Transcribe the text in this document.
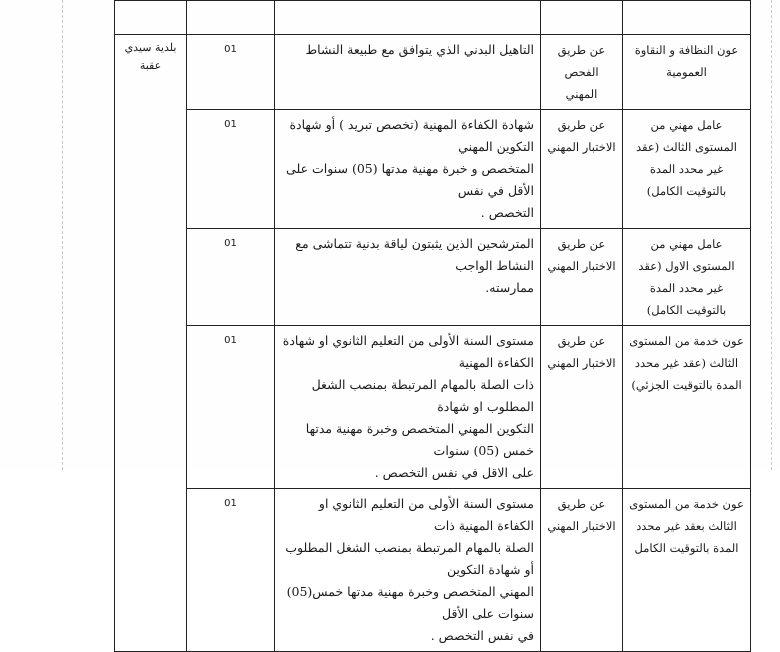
عون النظافة و النقاوة العمومية	عن طريق الفحص المهني	التاهيل البدني الذي يتوافق مع طبيعة النشاط	01	بلدية سيدي عقبة
عامل مهني من المستوى الثالث (عقد غير محدد المدة بالتوقيت الكامل)	عن طريق الاختبار المهني	شهادة الكفاءة المهنية (تخصص تبريد ) أو شهادة التكوين المهني
المتخصص و خبرة مهنية مدتها (05) سنوات على الأقل في نفس
التخصص .	01	
عامل مهني من المستوى الاول (عقد غير محدد المدة بالتوقيت الكامل)	عن طريق الاختبار المهني	المترشحين الذين يثبتون لياقة بدنية تتماشى مع النشاط الواجب
ممارسته.	01	
عون خدمة من المستوى الثالث (عقد غير محدد المدة بالتوقيت الجزئي)	عن طريق الاختبار المهني	مستوى السنة الأولى من التعليم الثانوي او شهادة الكفاءة المهنية
ذات الصلة بالمهام المرتبطة بمنصب الشغل المطلوب او شهادة
التكوين المهني المتخصص وخبرة مهنية مدتها خمس (05) سنوات
على الاقل في نفس التخصص .	01	
عون خدمة من المستوى الثالث بعقد غير محدد المدة بالتوقيت الكامل	عن طريق الاختبار المهني	مستوى السنة الأولى من التعليم الثانوي او الكفاءة المهنية ذات
الصلة بالمهام المرتبطة بمنصب الشغل المطلوب أو شهادة التكوين
المهني المتخصص وخبرة مهنية مدتها خمس(05) سنوات على الأقل
في نفس التخصص .	01	
